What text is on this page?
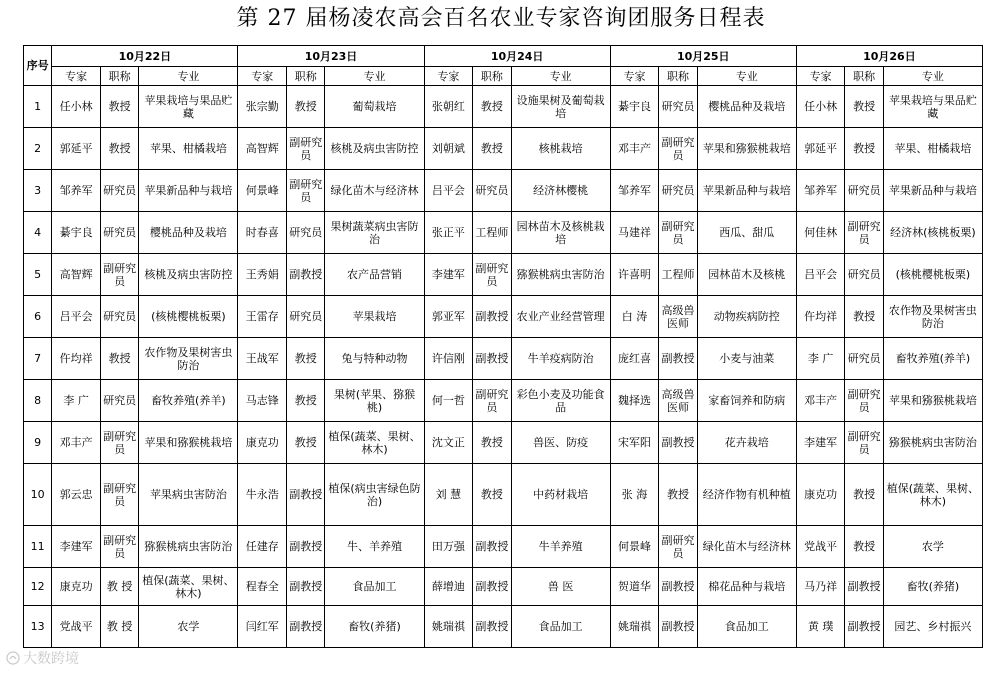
第 27 届杨凌农高会百名农业专家咨询团服务日程表
序号	10月22日			10月23日			10月24日			10月25日			10月26日		
	专家	职称	专业	专家	职称	专业	专家	职称	专业	专家	职称	专业	专家	职称	专业
1	任小林	教授	苹果栽培与果品贮藏	张宗勤	教授	葡萄栽培	张朝红	教授	设施果树及葡萄栽培	綦宇良	研究员	樱桃品种及栽培	任小林	教授	苹果栽培与果品贮藏
2	郭延平	教授	苹果、柑橘栽培	高智辉	副研究员	核桃及病虫害防控	刘朝斌	教授	核桃栽培	邓丰产	副研究员	苹果和猕猴桃栽培	郭延平	教授	苹果、柑橘栽培
3	邹养军	研究员	苹果新品种与栽培	何景峰	副研究员	绿化苗木与经济林	吕平会	研究员	经济林樱桃	邹养军	研究员	苹果新品种与栽培	邹养军	研究员	苹果新品种与栽培
4	綦宇良	研究员	樱桃品种及栽培	时春喜	研究员	果树蔬菜病虫害防治	张正平	工程师	园林苗木及核桃栽培	马建祥	副研究员	西瓜、甜瓜	何佳林	副研究员	经济林(核桃板栗)
5	高智辉	副研究员	核桃及病虫害防控	王秀娟	副教授	农产品营销	李建军	副研究员	猕猴桃病虫害防治	许喜明	工程师	园林苗木及核桃	吕平会	研究员	(核桃樱桃板栗)
6	吕平会	研究员	(核桃樱桃板栗)	王雷存	研究员	苹果栽培	郭亚军	副教授	农业产业经营管理	白 涛	高级兽医师	动物疾病防控	仵均祥	教授	农作物及果树害虫防治
7	仵均祥	教授	农作物及果树害虫防治	王战军	教授	兔与特种动物	许信刚	副教授	牛羊疫病防治	庞红喜	副教授	小麦与油菜	李 广	研究员	畜牧养殖(养羊)
8	李 广	研究员	畜牧养殖(养羊)	马志锋	教授	果树(苹果、猕猴桃)	何一哲	副研究员	彩色小麦及功能食品	魏择选	高级兽医师	家畜饲养和防病	邓丰产	副研究员	苹果和猕猴桃栽培
9	邓丰产	副研究员	苹果和猕猴桃栽培	康克功	教授	植保(蔬菜、果树、林木)	沈文正	教授	兽医、防疫	宋军阳	副教授	花卉栽培	李建军	副研究员	猕猴桃病虫害防治
10	郭云忠	副研究员	苹果病虫害防治	牛永浩	副教授	植保(病虫害绿色防治)	刘 慧	教授	中药材栽培	张 海	教授	经济作物有机种植	康克功	教授	植保(蔬菜、果树、林木)
11	李建军	副研究员	猕猴桃病虫害防治	任建存	副教授	牛、羊养殖	田万强	副教授	牛羊养殖	何景峰	副研究员	绿化苗木与经济林	党战平	教授	农学
12	康克功	教 授	植保(蔬菜、果树、林木)	程春全	副教授	食品加工	薛增迪	副教授	兽 医	贺道华	副教授	棉花品种与栽培	马乃祥	副教授	畜牧(养猪)
13	党战平	教 授	农学	闫红军	副教授	畜牧(养猪)	姚瑞祺	副教授	食品加工	姚瑞祺	副教授	食品加工	黄 璞	副教授	园艺、乡村振兴
大数跨境
